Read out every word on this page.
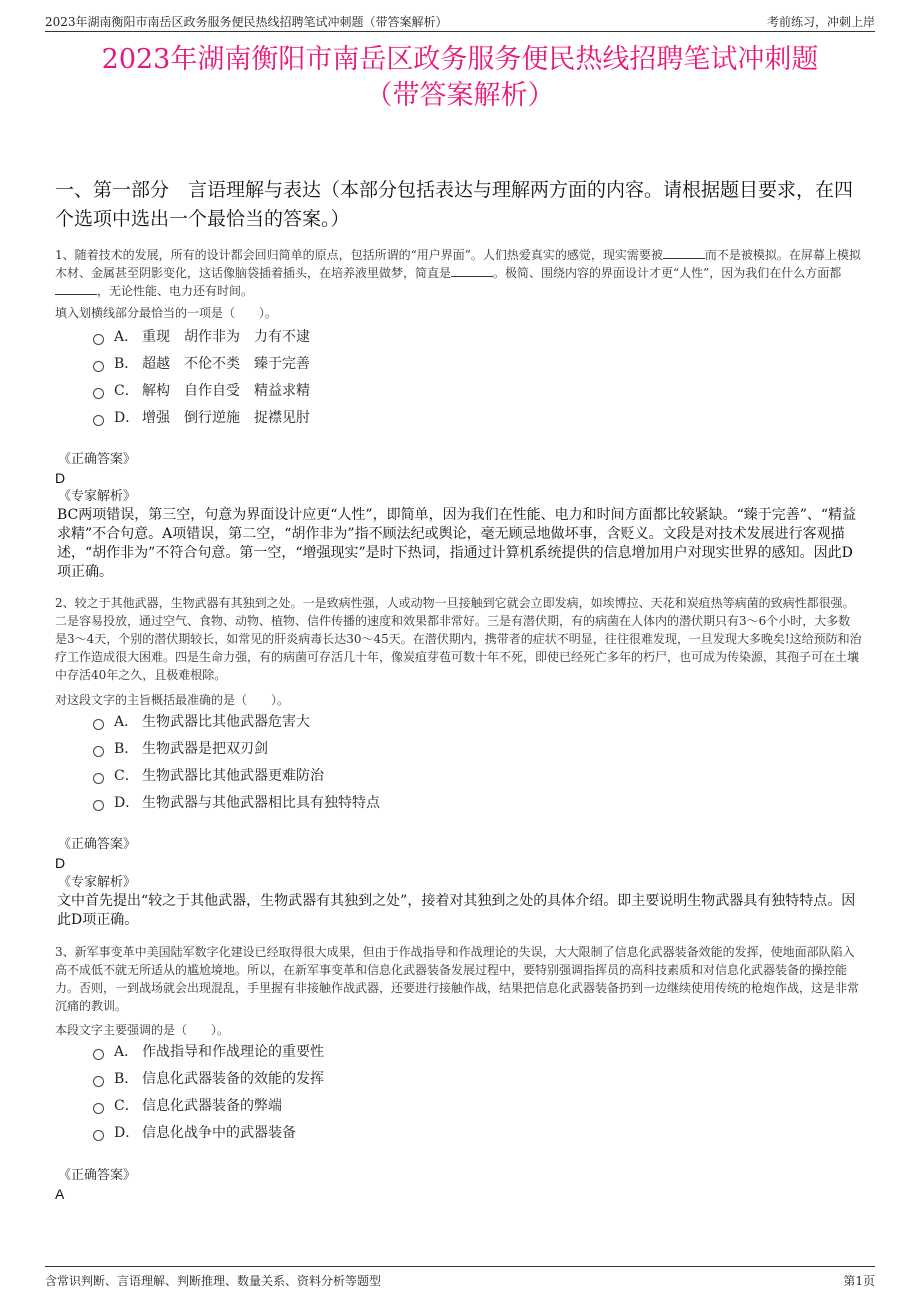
2023年湖南衡阳市南岳区政务服务便民热线招聘笔试冲刺题（带答案解析）	考前练习，冲刺上岸
2023年湖南衡阳市南岳区政务服务便民热线招聘笔试冲刺题
（带答案解析）
一、第一部分　言语理解与表达（本部分包括表达与理解两方面的内容。请根据题目要求，在四个选项中选出一个最恰当的答案。）
1、随着技术的发展，所有的设计都会回归简单的原点，包括所谓的“用户界面”。人们热爱真实的感觉，现实需要被	而不是被模拟。在屏幕上模拟木材、金属甚至阴影变化，这话像脑袋插着插头，在培养液里做梦，简直是	。极简、围绕内容的界面设计才更“人性”，因为我们在什么方面都，无论性能、电力还有时间。
填入划横线部分最恰当的一项是（　　）。
A． 重现　胡作非为　力有不逮
B． 超越　不伦不类　臻于完善
C． 解构　自作自受　精益求精
D． 增强　倒行逆施　捉襟见肘
《正确答案》
D
《专家解析》
BC两项错误，第三空，句意为界面设计应更“人性”，即简单，因为我们在性能、电力和时间方面都比较紧缺。“臻于完善”、“精益求精”不合句意。A项错误，第二空，“胡作非为”指不顾法纪或舆论，毫无顾忌地做坏事，含贬义。文段是对技术发展进行客观描述，“胡作非为”不符合句意。第一空，“增强现实”是时下热词，指通过计算机系统提供的信息增加用户对现实世界的感知。因此D项正确。
2、较之于其他武器，生物武器有其独到之处。一是致病性强，人或动物一旦接触到它就会立即发病，如埃博拉、天花和炭疽热等病菌的致病性都很强。二是容易投放，通过空气、食物、动物、植物、信件传播的速度和效果都非常好。三是有潜伏期，有的病菌在人体内的潜伏期只有3～6个小时，大多数是3～4天，个别的潜伏期较长，如常见的肝炎病毒长达30～45天。在潜伏期内，携带者的症状不明显，往往很难发现，一旦发现大多晚矣!这给预防和治疗工作造成很大困难。四是生命力强，有的病菌可存活几十年，像炭疽芽苞可数十年不死，即使已经死亡多年的朽尸，也可成为传染源，其孢子可在土壤中存活40年之久，且极难根除。
对这段文字的主旨概括最准确的是（　　）。
A． 生物武器比其他武器危害大
B． 生物武器是把双刃剑
C． 生物武器比其他武器更难防治
D． 生物武器与其他武器相比具有独特特点
《正确答案》
D
《专家解析》
文中首先提出“较之于其他武器，生物武器有其独到之处”，接着对其独到之处的具体介绍。即主要说明生物武器具有独特特点。因此D项正确。
3、新军事变革中美国陆军数字化建设已经取得很大成果，但由于作战指导和作战理论的失误，大大限制了信息化武器装备效能的发挥，使地面部队陷入高不成低不就无所适从的尴尬境地。所以，在新军事变革和信息化武器装备发展过程中，要特别强调指挥员的高科技素质和对信息化武器装备的操控能力。否则，一到战场就会出现混乱，手里握有非接触作战武器，还要进行接触作战，结果把信息化武器装备扔到一边继续使用传统的枪炮作战，这是非常沉痛的教训。
本段文字主要强调的是（　　）。
A． 作战指导和作战理论的重要性
B． 信息化武器装备的效能的发挥
C． 信息化武器装备的弊端
D． 信息化战争中的武器装备
《正确答案》
A
含常识判断、言语理解、判断推理、数量关系、资料分析等题型	第1页
